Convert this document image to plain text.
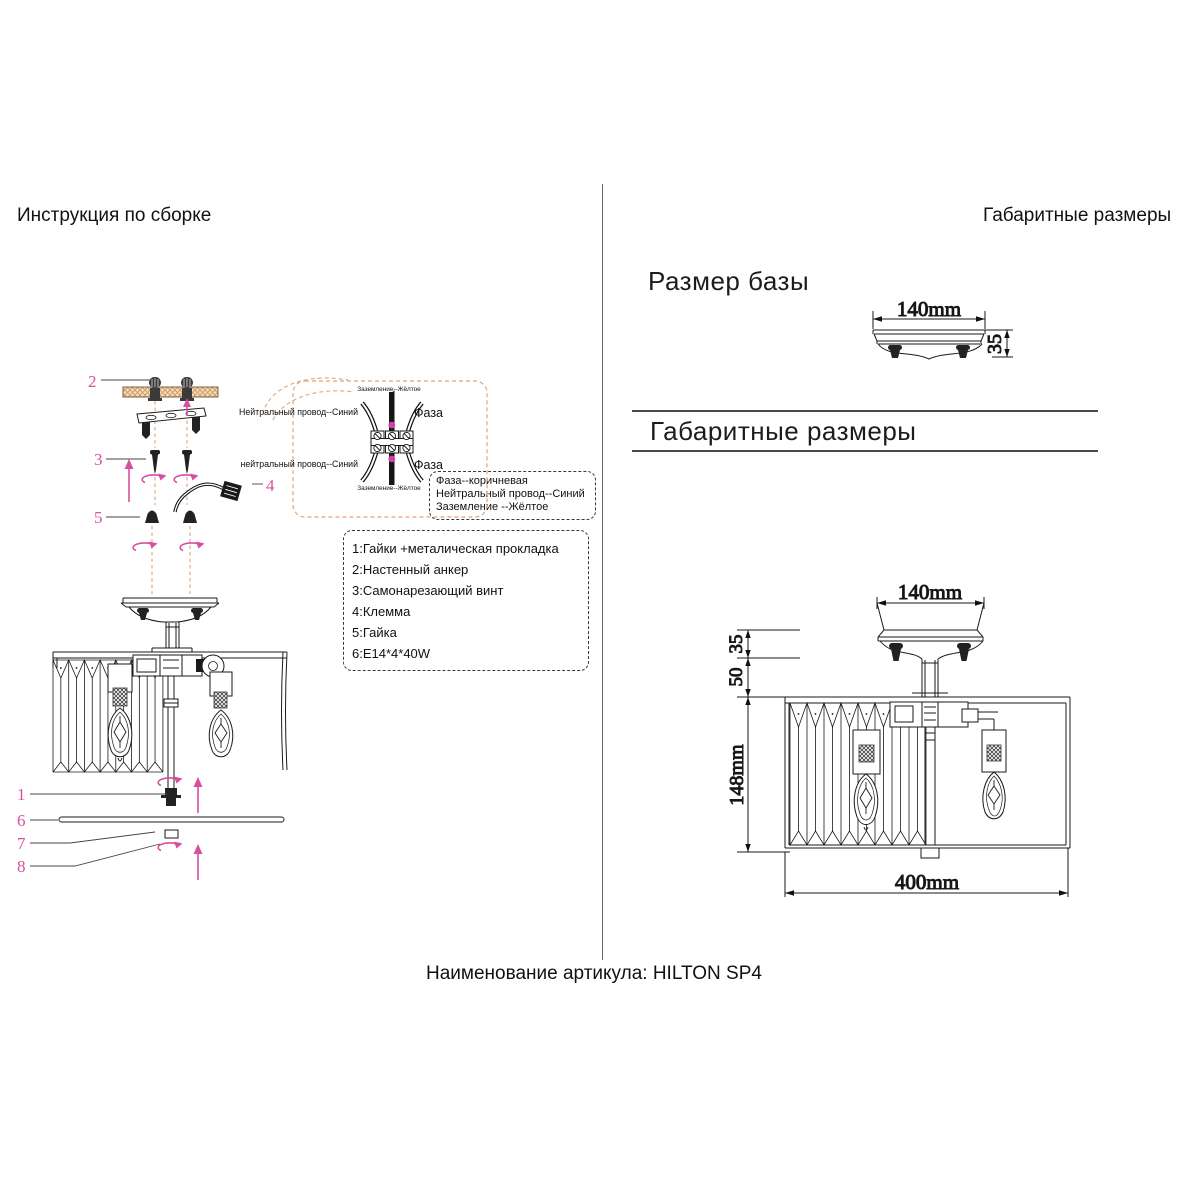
Инструкция по сборке	Габаритные размеры
Размер базы
Габаритные размеры
Фаза--коричневая
Нейтральный провод--Синий
Заземление --Жёлтое
1:Гайки +металическая прокладка
2:Настенный анкер
3:Самонарезающий винт
4:Клемма
5:Гайка
6:E14*4*40W
Наименование артикула: HILTON SP4
2
3
4
5
1
6
7
8
Заземление--Жёлтое
Нейтральный провод--Синий	Фаза
нейтральный провод--Синий	Фаза
Заземление--Жёлтое
140mm
35
140mm
35
50
148mm
400mm
